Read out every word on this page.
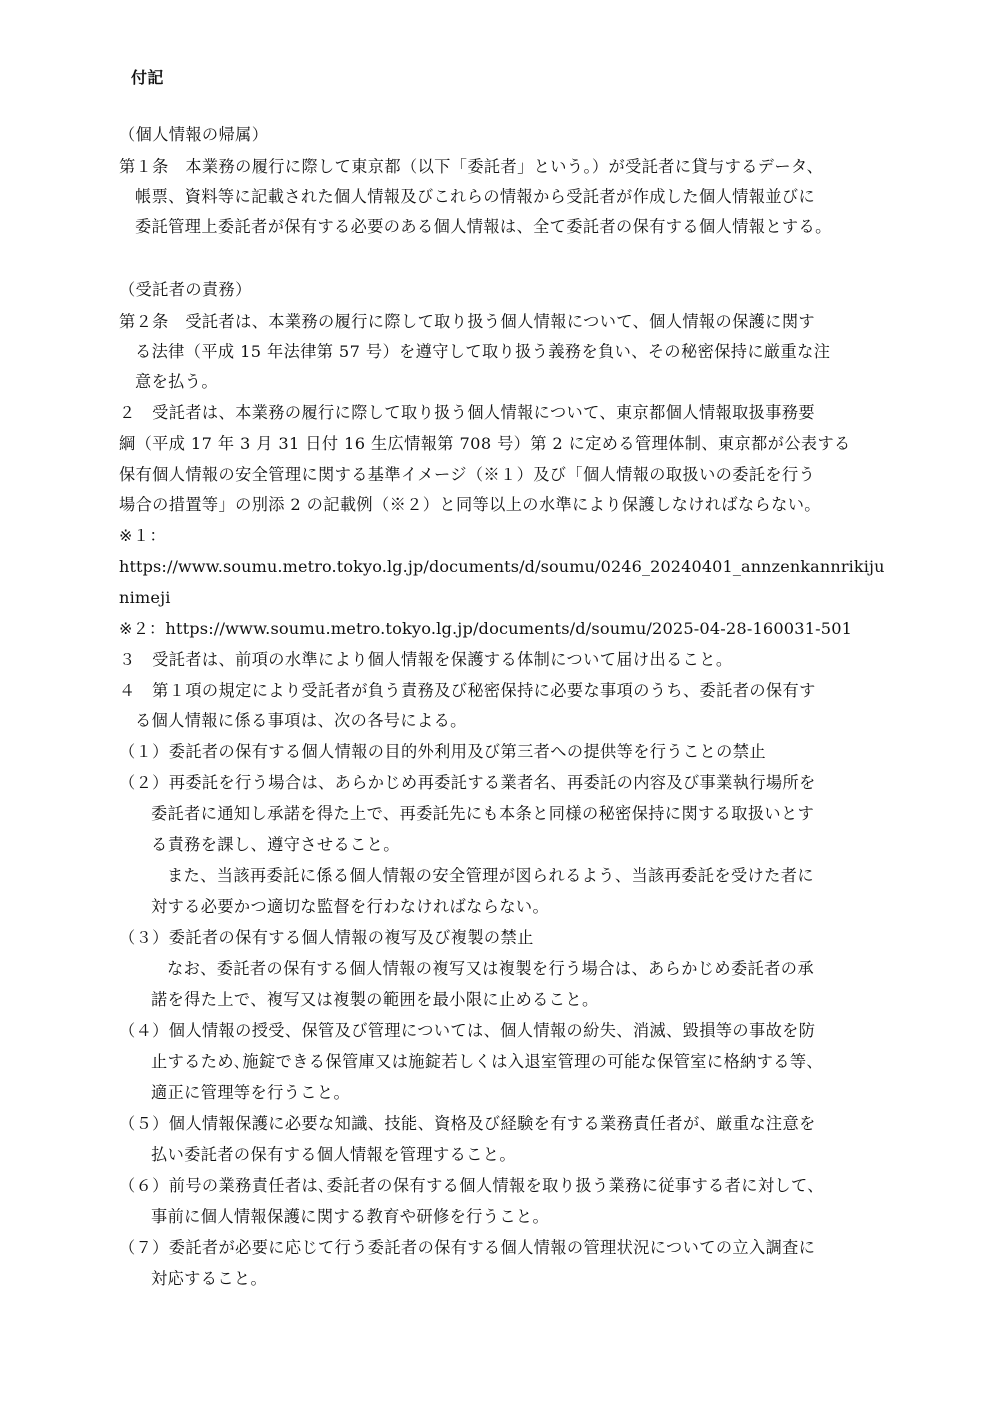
付記
（個人情報の帰属）
第１条　本業務の履行に際して東京都（以下「委託者」という。）が受託者に貸与するデータ、
帳票、資料等に記載された個人情報及びこれらの情報から受託者が作成した個人情報並びに
委託管理上委託者が保有する必要のある個人情報は、全て委託者の保有する個人情報とする。
（受託者の責務）
第２条　受託者は、本業務の履行に際して取り扱う個人情報について、個人情報の保護に関す
る法律（平成 15 年法律第 57 号）を遵守して取り扱う義務を負い、その秘密保持に厳重な注
意を払う。
２　受託者は、本業務の履行に際して取り扱う個人情報について、東京都個人情報取扱事務要
綱（平成 17 年 3 月 31 日付 16 生広情報第 708 号）第 2 に定める管理体制、東京都が公表する
保有個人情報の安全管理に関する基準イメージ（※１）及び「個人情報の取扱いの委託を行う
場合の措置等」の別添 2 の記載例（※２）と同等以上の水準により保護しなければならない。
※１：
https://www.soumu.metro.tokyo.lg.jp/documents/d/soumu/0246_20240401_annzenkannrikiju
nimeji
※２：https://www.soumu.metro.tokyo.lg.jp/documents/d/soumu/2025-04-28-160031-501
３　受託者は、前項の水準により個人情報を保護する体制について届け出ること。
４　第１項の規定により受託者が負う責務及び秘密保持に必要な事項のうち、委託者の保有す
る個人情報に係る事項は、次の各号による。
（１）委託者の保有する個人情報の目的外利用及び第三者への提供等を行うことの禁止
（２）再委託を行う場合は、あらかじめ再委託する業者名、再委託の内容及び事業執行場所を
委託者に通知し承諾を得た上で、再委託先にも本条と同様の秘密保持に関する取扱いとす
る責務を課し、遵守させること。
また、当該再委託に係る個人情報の安全管理が図られるよう、当該再委託を受けた者に
対する必要かつ適切な監督を行わなければならない。
（３）委託者の保有する個人情報の複写及び複製の禁止
なお、委託者の保有する個人情報の複写又は複製を行う場合は、あらかじめ委託者の承
諾を得た上で、複写又は複製の範囲を最小限に止めること。
（４）個人情報の授受、保管及び管理については、個人情報の紛失、消滅、毀損等の事故を防
止するため､施錠できる保管庫又は施錠若しくは入退室管理の可能な保管室に格納する等、
適正に管理等を行うこと。
（５）個人情報保護に必要な知識、技能、資格及び経験を有する業務責任者が、厳重な注意を
払い委託者の保有する個人情報を管理すること。
（６）前号の業務責任者は､委託者の保有する個人情報を取り扱う業務に従事する者に対して、
事前に個人情報保護に関する教育や研修を行うこと。
（７）委託者が必要に応じて行う委託者の保有する個人情報の管理状況についての立入調査に
対応すること。
